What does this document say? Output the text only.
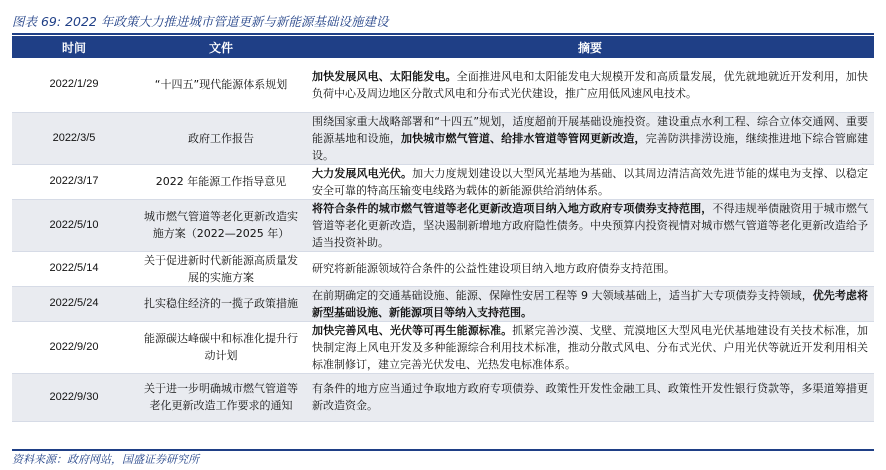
图表 69: 2022 年政策大力推进城市管道更新与新能源基础设施建设
时间	文件	摘要
2022/1/29	“十四五”现代能源体系规划	加快发展风电、太阳能发电。全面推进风电和太阳能发电大规模开发和高质量发展，优先就地就近开发利用，加快负荷中心及周边地区分散式风电和分布式光伏建设，推广应用低风速风电技术。
2022/3/5	政府工作报告	围绕国家重大战略部署和“十四五”规划，适度超前开展基础设施投资。建设重点水利工程、综合立体交通网、重要能源基地和设施，加快城市燃气管道、给排水管道等管网更新改造，完善防洪排涝设施，继续推进地下综合管廊建设。
2022/3/17	2022 年能源工作指导意见	大力发展风电光伏。加大力度规划建设以大型风光基地为基础、以其周边清洁高效先进节能的煤电为支撑、以稳定安全可靠的特高压输变电线路为载体的新能源供给消纳体系。
2022/5/10	城市燃气管道等老化更新改造实施方案（2022—2025 年）	将符合条件的城市燃气管道等老化更新改造项目纳入地方政府专项债券支持范围，不得违规举债融资用于城市燃气管道等老化更新改造，坚决遏制新增地方政府隐性债务。中央预算内投资视情对城市燃气管道等老化更新改造给予适当投资补助。
2022/5/14	关于促进新时代新能源高质量发展的实施方案	研究将新能源领域符合条件的公益性建设项目纳入地方政府债券支持范围。
2022/5/24	扎实稳住经济的一揽子政策措施	在前期确定的交通基础设施、能源、保障性安居工程等 9 大领域基础上，适当扩大专项债券支持领域，优先考虑将新型基础设施、新能源项目等纳入支持范围。
2022/9/20	能源碳达峰碳中和标准化提升行动计划	加快完善风电、光伏等可再生能源标准。抓紧完善沙漠、戈壁、荒漠地区大型风电光伏基地建设有关技术标准，加快制定海上风电开发及多种能源综合利用技术标准，推动分散式风电、分布式光伏、户用光伏等就近开发利用相关标准制修订，建立完善光伏发电、光热发电标准体系。
2022/9/30	关于进一步明确城市燃气管道等老化更新改造工作要求的通知	有条件的地方应当通过争取地方政府专项债券、政策性开发性金融工具、政策性开发性银行贷款等，多渠道筹措更新改造资金。
资料来源：政府网站，国盛证券研究所
